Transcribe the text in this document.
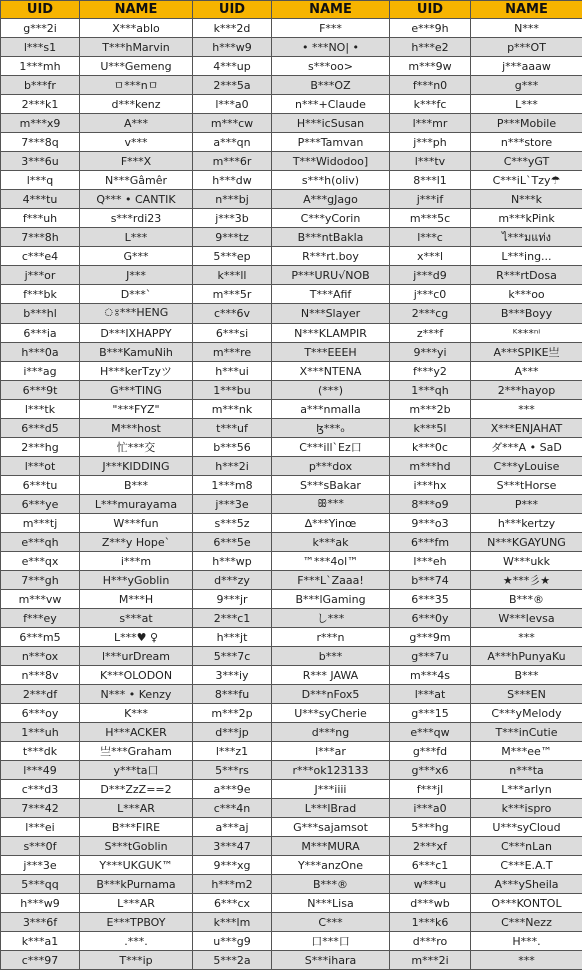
UID	NAME	UID	NAME	UID	NAME
g***2i	X***ablo	k***2d	F***	e***9h	N***
l***s1	T***hMarvin	h***w9	• ***NO| •	h***e2	p***OT
1***mh	U***Gemeng	4***up	s***oo>	m***9w	j***aaaw
b***fr	ㅁ***nㅁ	2***5a	B***OZ	f***n0	g***
2***k1	d***kenz	l***a0	n***+Claude	k***fc	L***
m***x9	A***	m***cw	H***icSusan	l***mr	P***Mobile
7***8q	v***	a***qn	P***Tamvan	j***ph	n***store
3***6u	F***X	m***6r	T***Widodoo]	l***tv	C***yGT
l***q	N***Gâmêr	h***dw	s***h(oliv)	8***l1	C***iL`Tzy☂
4***tu	Q*** • CANTIK	n***bj	A***gJago	j***if	N***k
f***uh	s***rdi23	j***3b	C***yCorin	m***5c	m***kPink
7***8h	L***	9***tz	B***ntBakla	l***c	ไ***มแท่ง
c***e4	G***	5***ep	R***rt.boy	x***l	L***ing...
j***or	J***	k***ll	P***URU√NOB	j***d9	R***rtDosa
f***bk	D***`	m***5r	T***Afif	j***c0	k***oo
b***hl	ঃ***HENG	c***6v	N***Slayer	2***cg	B***Boyy
6***ia	D***IXHAPPY	6***si	N***KLAMPIR	z***f	ᴷ***ⁿⁱ
h***0a	B***KamuNih	m***re	T***EEEH	9***yi	A***SPIKE亗
i***ag	H***kerTzyツ	h***ui	X***NTENA	f***y2	A***
6***9t	G***TING	1***bu	(***)	1***qh	2***hayop
l***tk	"***FYZ"	m***nk	a***nmalla	m***2b	***
6***d5	M***host	t***uf	ɮ***ₒ	k***5l	X***ENJAHAT
2***hg	忙***交	b***56	C***ill`Ez口	k***0c	ダ***A • SaD
l***ot	J***KIDDING	h***2i	p***dox	m***hd	C***yLouise
6***tu	B***	1***m8	S***sBakar	i***hx	S***tHorse
6***ye	L***murayama	j***3e	ꕥ***	8***o9	P***
m***tj	W***fun	s***5z	∆***Yinœ	9***o3	h***kertzy
e***qh	Z***y Hope`	6***5e	k***ak	6***fm	N***KGAYUNG
e***qx	i***m	h***wp	™***4ol™	l***eh	W***ukk
7***gh	H***yGoblin	d***zy	F***L`Zaaa!	b***74	★***彡★
m***vw	M***H	9***jr	B***lGaming	6***35	B***®
f***ey	s***at	2***c1	し***	6***0y	W***levsa
6***m5	L***♥ ♀	h***jt	r***n	g***9m	***
n***ox	l***urDream	5***7c	b***	g***7u	A***hPunyaKu
n***8v	K***OLODON	3***iy	R*** JAWA	m***4s	B***
2***df	N*** • Kenzy	8***fu	D***nFox5	l***at	S***EN
6***oy	K***	m***2p	U***syCherie	g***15	C***yMelody
1***uh	H***ACKER	d***jp	d***ng	e***qw	T***inCutie
t***dk	亗***Graham	l***z1	l***ar	g***fd	M***ee™
l***49	y***ta口	5***rs	r***ok123133	g***x6	n***ta
c***d3	D***ZzZ==2	a***9e	J***iiii	f***jl	L***arlyn
7***42	L***AR	c***4n	L***lBrad	i***a0	k***ispro
l***ei	B***FIRE	a***aj	G***sajamsot	5***hg	U***syCloud
s***0f	S***tGoblin	3***47	M***MURA	2***xf	C***nLan
j***3e	Y***UKGUK™	9***xg	Y***anzOne	6***c1	C***E.A.T
5***qq	B***kPurnama	h***m2	B***®	w***u	A***ySheila
h***w9	L***AR	6***cx	N***Lisa	d***wb	O***KONTOL
3***6f	E***TPBOY	k***lm	C***	1***k6	C***Nezz
k***a1	.***.	u***g9	口***口	d***ro	H***.
c***97	T***ip	5***2a	S***ihara	m***2i	***
